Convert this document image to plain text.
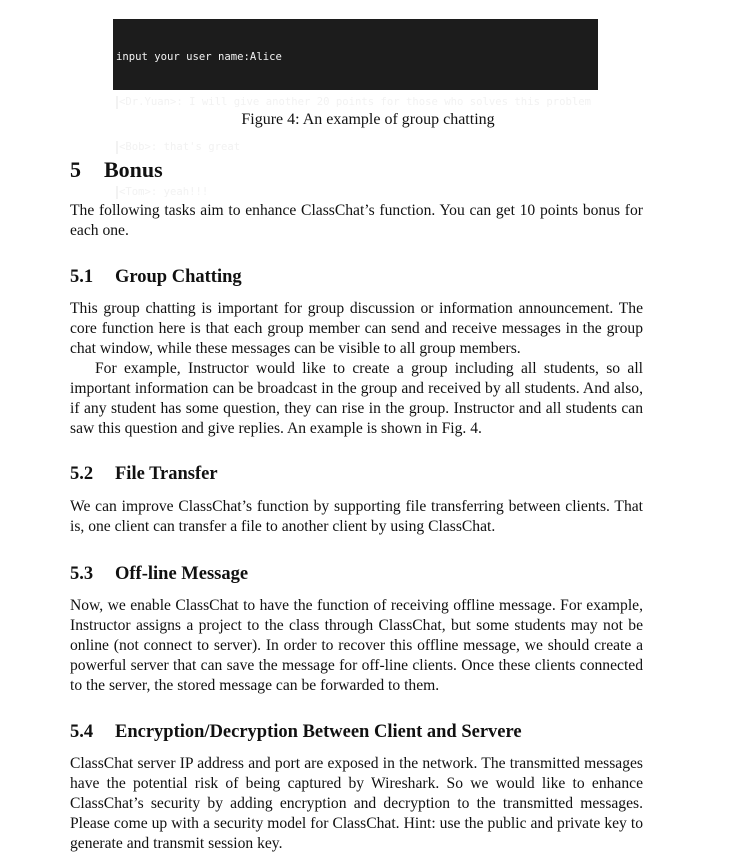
input your user name:Alice

<Dr.Yuan>: I will give another 20 points for those who solves this problem

<Bob>: that's great

<Tom>: yeah!!!

Figure 4: An example of group chatting
5 Bonus

The following tasks aim to enhance ClassChat’s function. You can get 10 points bonus for each one.

5.1 Group Chatting

This group chatting is important for group discussion or information announcement. The core function here is that each group member can send and receive messages in the group chat window, while these messages can be visible to all group members.

For example, Instructor would like to create a group including all students, so all important information can be broadcast in the group and received by all students. And also, if any student has some question, they can rise in the group. Instructor and all students can saw this question and give replies. An example is shown in Fig. 4.

5.2 File Transfer

We can improve ClassChat’s function by supporting file transferring between clients. That is, one client can transfer a file to another client by using ClassChat.

5.3 Off-line Message

Now, we enable ClassChat to have the function of receiving offline message. For example, Instructor assigns a project to the class through ClassChat, but some students may not be online (not connect to server). In order to recover this offline message, we should create a powerful server that can save the message for off-line clients. Once these clients connected to the server, the stored message can be forwarded to them.

5.4 Encryption/Decryption Between Client and Servere

ClassChat server IP address and port are exposed in the network. The transmitted messages have the potential risk of being captured by Wireshark. So we would like to enhance ClassChat’s security by adding encryption and decryption to the transmitted messages. Please come up with a security model for ClassChat. Hint: use the public and private key to generate and transmit session key.
